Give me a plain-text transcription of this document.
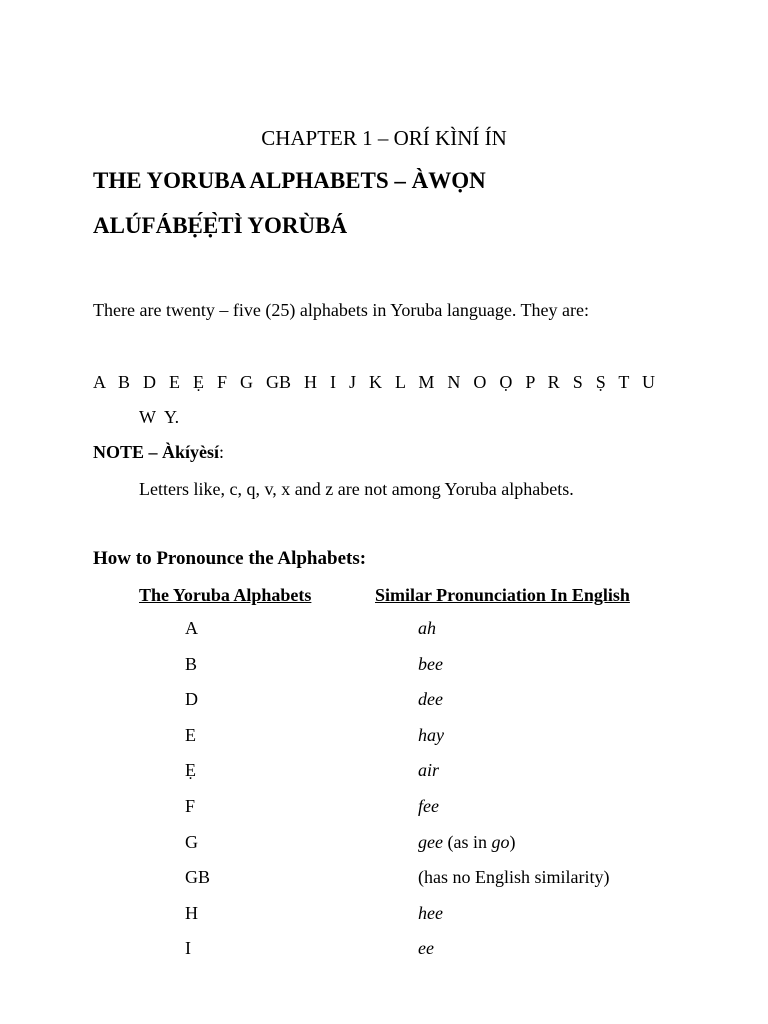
CHAPTER 1 – ORÍ KÌNÍ ÍN
THE YORUBA ALPHABETS – ÀWỌN
ALÚFÁBẸ́Ẹ̀TÌ YORÙBÁ

There are twenty – five (25) alphabets in Yoruba language. They are:

A  B  D  E  Ẹ  F  G  GB  H  I  J  K  L  M  N  O  Ọ  P  R  S  Ṣ  T  U

W  Y.

NOTE – Àkíyèsí:

Letters like, c, q, v, x and z are not among Yoruba alphabets.

How to Pronounce the Alphabets:

The Yoruba Alphabets	Similar Pronunciation In English

A	ah
B	bee
D	dee
E	hay
Ẹ	air
F	fee
G	gee (as in go)
GB	(has no English similarity)
H	hee
I	ee
